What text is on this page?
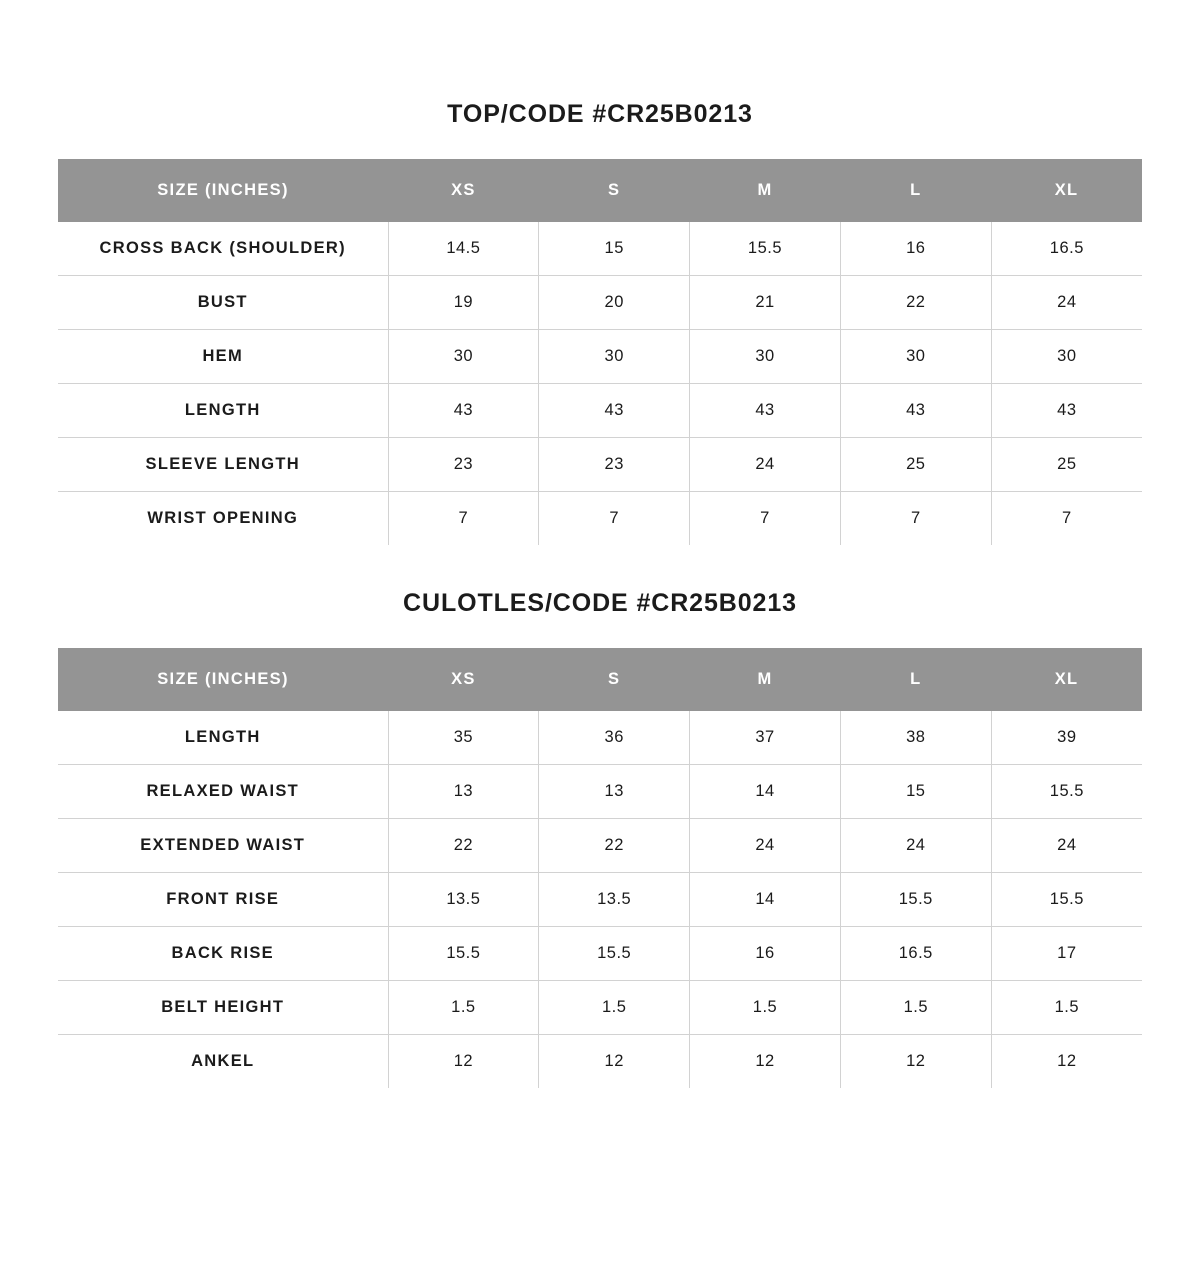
TOP/CODE #CR25B0213
SIZE (INCHES)	XS	S	M	L	XL
CROSS BACK (SHOULDER)	14.5	15	15.5	16	16.5
BUST	19	20	21	22	24
HEM	30	30	30	30	30
LENGTH	43	43	43	43	43
SLEEVE LENGTH	23	23	24	25	25
WRIST OPENING	7	7	7	7	7
CULOTLES/CODE #CR25B0213
SIZE (INCHES)	XS	S	M	L	XL
LENGTH	35	36	37	38	39
RELAXED WAIST	13	13	14	15	15.5
EXTENDED WAIST	22	22	24	24	24
FRONT RISE	13.5	13.5	14	15.5	15.5
BACK RISE	15.5	15.5	16	16.5	17
BELT HEIGHT	1.5	1.5	1.5	1.5	1.5
ANKEL	12	12	12	12	12
